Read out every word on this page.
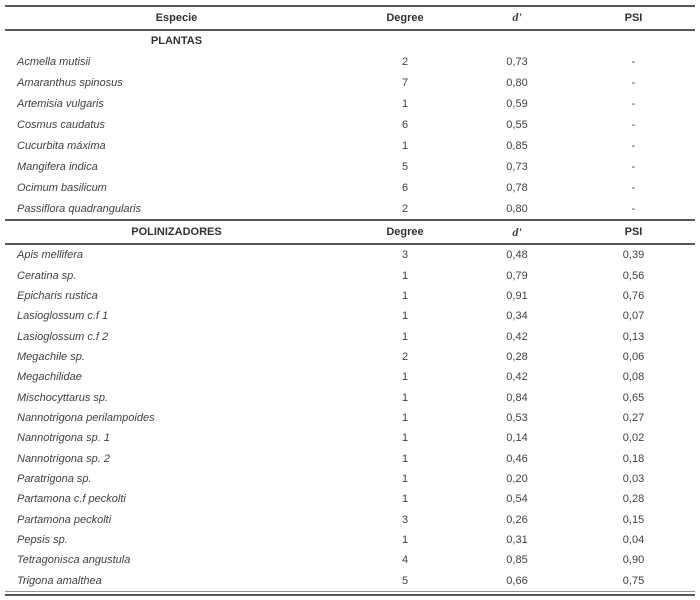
Especie	Degree	d'	PSI
PLANTAS
Acmella mutisii	2	0,73	-
Amaranthus spinosus	7	0,80	-
Artemisia vulgaris	1	0,59	-
Cosmus caudatus	6	0,55	-
Cucurbita máxima	1	0,85	-
Mangifera indica	5	0,73	-
Ocimum basilicum	6	0,78	-
Passiflora quadrangularis	2	0,80	-
POLINIZADORES	Degree	d'	PSI
Apis mellifera	3	0,48	0,39
Ceratina sp.	1	0,79	0,56
Epicharis rustica	1	0,91	0,76
Lasioglossum c.f 1	1	0,34	0,07
Lasioglossum c.f 2	1	0,42	0,13
Megachile sp.	2	0,28	0,06
Megachilidae	1	0,42	0,08
Mischocyttarus sp.	1	0,84	0,65
Nannotrigona perilampoides	1	0,53	0,27
Nannotrigona sp. 1	1	0,14	0,02
Nannotrigona sp. 2	1	0,46	0,18
Paratrigona sp.	1	0,20	0,03
Partamona c.f peckolti	1	0,54	0,28
Partamona peckolti	3	0,26	0,15
Pepsis sp.	1	0,31	0,04
Tetragonisca angustula	4	0,85	0,90
Trigona amalthea	5	0,66	0,75
